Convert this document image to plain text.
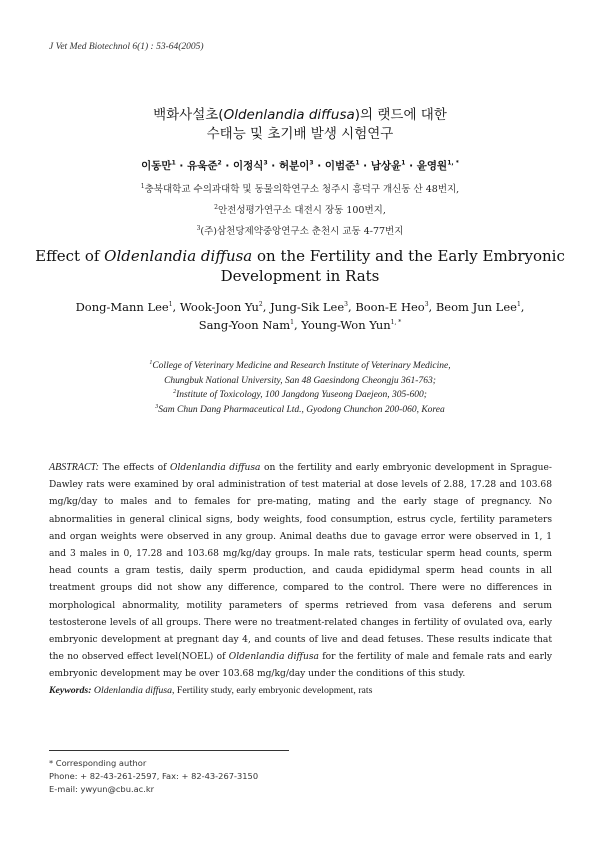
J Vet Med Biotechnol 6(1) : 53-64(2005)
백화사설초(Oldenlandia diffusa)의 랫드에 대한
수태능 및 초기배 발생 시험연구
이동만$^1$ · 유욱준$^2$ · 이정식$^3$ · 허분이$^3$ · 이범준$^1$ · 남상윤$^1$ · 윤영원$^{1, *}$
$^1$충북대학교 수의과대학 및 동물의학연구소 청주시 흥덕구 개신동 산 48번지,
$^2$안전성평가연구소 대전시 장동 100번지,
$^3$(주)삼천당제약중앙연구소 춘천시 교동 4-77번지
Effect of Oldenlandia diffusa on the Fertility and the Early Embryonic
Development in Rats
Dong-Mann Lee$^1$, Wook-Joon Yu$^2$, Jung-Sik Lee$^3$, Boon-E Heo$^3$, Beom Jun Lee$^1$,
Sang-Yoon Nam$^1$, Young-Won Yun$^{1, *}$
$^1$College of Veterinary Medicine and Research Institute of Veterinary Medicine,
Chungbuk National University, San 48 Gaesindong Cheongju 361-763;
$^2$Institute of Toxicology, 100 Jangdong Yuseong Daejeon, 305-600;
$^3$Sam Chun Dang Pharmaceutical Ltd., Gyodong Chunchon 200-060, Korea
ABSTRACT: The effects of Oldenlandia diffusa on the fertility and early embryonic development in Sprague-Dawley rats were examined by oral administration of test material at dose levels of 2.88, 17.28 and 103.68 mg/kg/day to males and to females for pre-mating, mating and the early stage of pregnancy. No abnormalities in general clinical signs, body weights, food consumption, estrus cycle, fertility parameters and organ weights were observed in any group. Animal deaths due to gavage error were observed in 1, 1 and 3 males in 0, 17.28 and 103.68 mg/kg/day groups. In male rats, testicular sperm head counts, sperm head counts a gram testis, daily sperm production, and cauda epididymal sperm head counts in all treatment groups did not show any difference, compared to the control. There were no differences in morphological abnormality, motility parameters of sperms retrieved from vasa deferens and serum testosterone levels of all groups. There were no treatment-related changes in fertility of ovulated ova, early embryonic development at pregnant day 4, and counts of live and dead fetuses. These results indicate that the no observed effect level(NOEL) of Oldenlandia diffusa for the fertility of male and female rats and early embryonic development may be over 103.68 mg/kg/day under the conditions of this study.
Keywords: Oldenlandia diffusa, Fertility study, early embryonic development, rats
* Corresponding author
Phone: + 82-43-261-2597, Fax: + 82-43-267-3150
E-mail: ywyun@cbu.ac.kr
